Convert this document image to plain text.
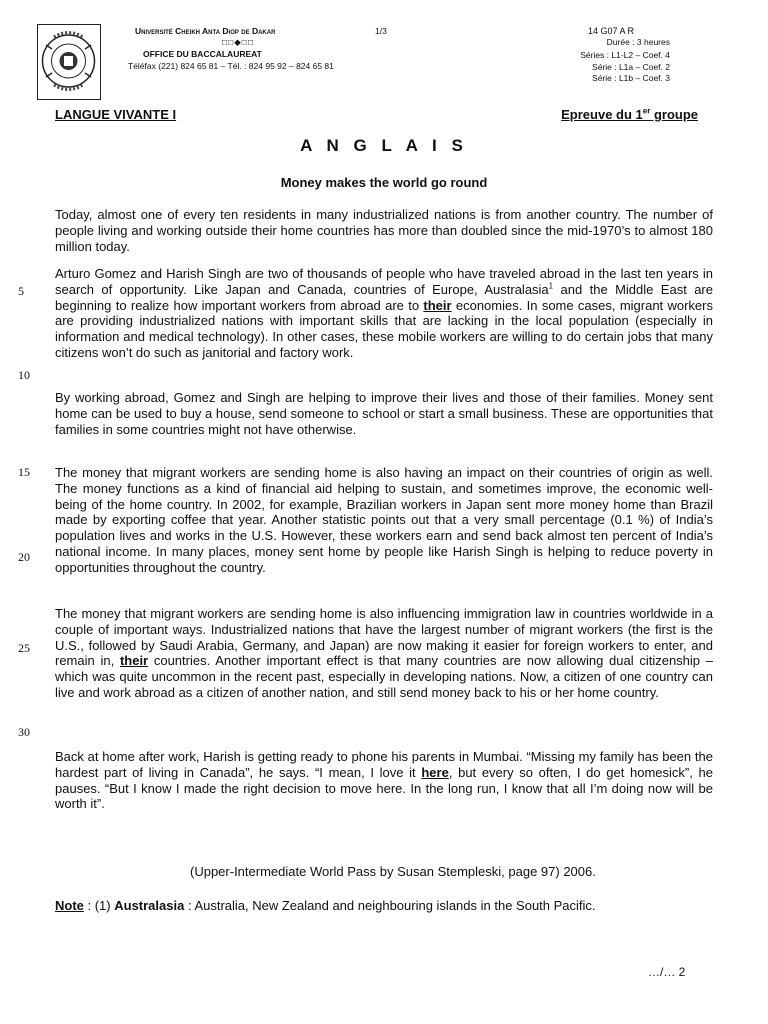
Université Cheikh Anta Diop de Dakar	1/3
□□◆□□
OFFICE DU BACCALAUREAT
Téléfax (221) 824 65 81 – Tél. : 824 95 92 – 824 65 81
14 G07 A R
Durée : 3 heures
Séries : L1-L2 – Coef. 4
Série : L1a – Coef. 2
Série : L1b – Coef. 3
LANGUE VIVANTE I	Epreuve du 1er groupe
A N G L A I S
Money makes the world go round
Today, almost one of every ten residents in many industrialized nations is from another country. The number of people living and working outside their home countries has more than doubled since the mid-1970’s to almost 180 million today.
Arturo Gomez and Harish Singh are two of thousands of people who have traveled abroad in the last ten years in search of opportunity. Like Japan and Canada, countries of Europe, Australasia$^1$ and the Middle East are beginning to realize how important workers from abroad are to their economies. In some cases, migrant workers are providing industrialized nations with important skills that are lacking in the local population (especially in information and medical technology). In other cases, these mobile workers are willing to do certain jobs that many citizens won’t do such as janitorial and factory work.
By working abroad, Gomez and Singh are helping to improve their lives and those of their families. Money sent home can be used to buy a house, send someone to school or start a small business. These are opportunities that families in some countries might not have otherwise.
The money that migrant workers are sending home is also having an impact on their countries of origin as well. The money functions as a kind of financial aid helping to sustain, and sometimes improve, the economic well-being of the home country. In 2002, for example, Brazilian workers in Japan sent more money home than Brazil made by exporting coffee that year. Another statistic points out that a very small percentage (0.1 %) of India’s population lives and works in the U.S. However, these workers earn and send back almost ten percent of India’s national income. In many places, money sent home by people like Harish Singh is helping to reduce poverty in opportunities throughout the country.
The money that migrant workers are sending home is also influencing immigration law in countries worldwide in a couple of important ways. Industrialized nations that have the largest number of migrant workers (the first is the U.S., followed by Saudi Arabia, Germany, and Japan) are now making it easier for foreign workers to enter, and remain in, their countries. Another important effect is that many countries are now allowing dual citizenship – which was quite uncommon in the recent past, especially in developing nations. Now, a citizen of one country can live and work abroad as a citizen of another nation, and still send money back to his or her home country.
Back at home after work, Harish is getting ready to phone his parents in Mumbai. “Missing my family has been the hardest part of living in Canada”, he says. “I mean, I love it here, but every so often, I do get homesick”, he pauses. “But I know I made the right decision to move here. In the long run, I know that all I’m doing now will be worth it”.
5
10
15
20
25
30
(Upper-Intermediate World Pass by Susan Stempleski, page 97) 2006.
Note : (1) Australasia : Australia, New Zealand and neighbouring islands in the South Pacific.
…/… 2
